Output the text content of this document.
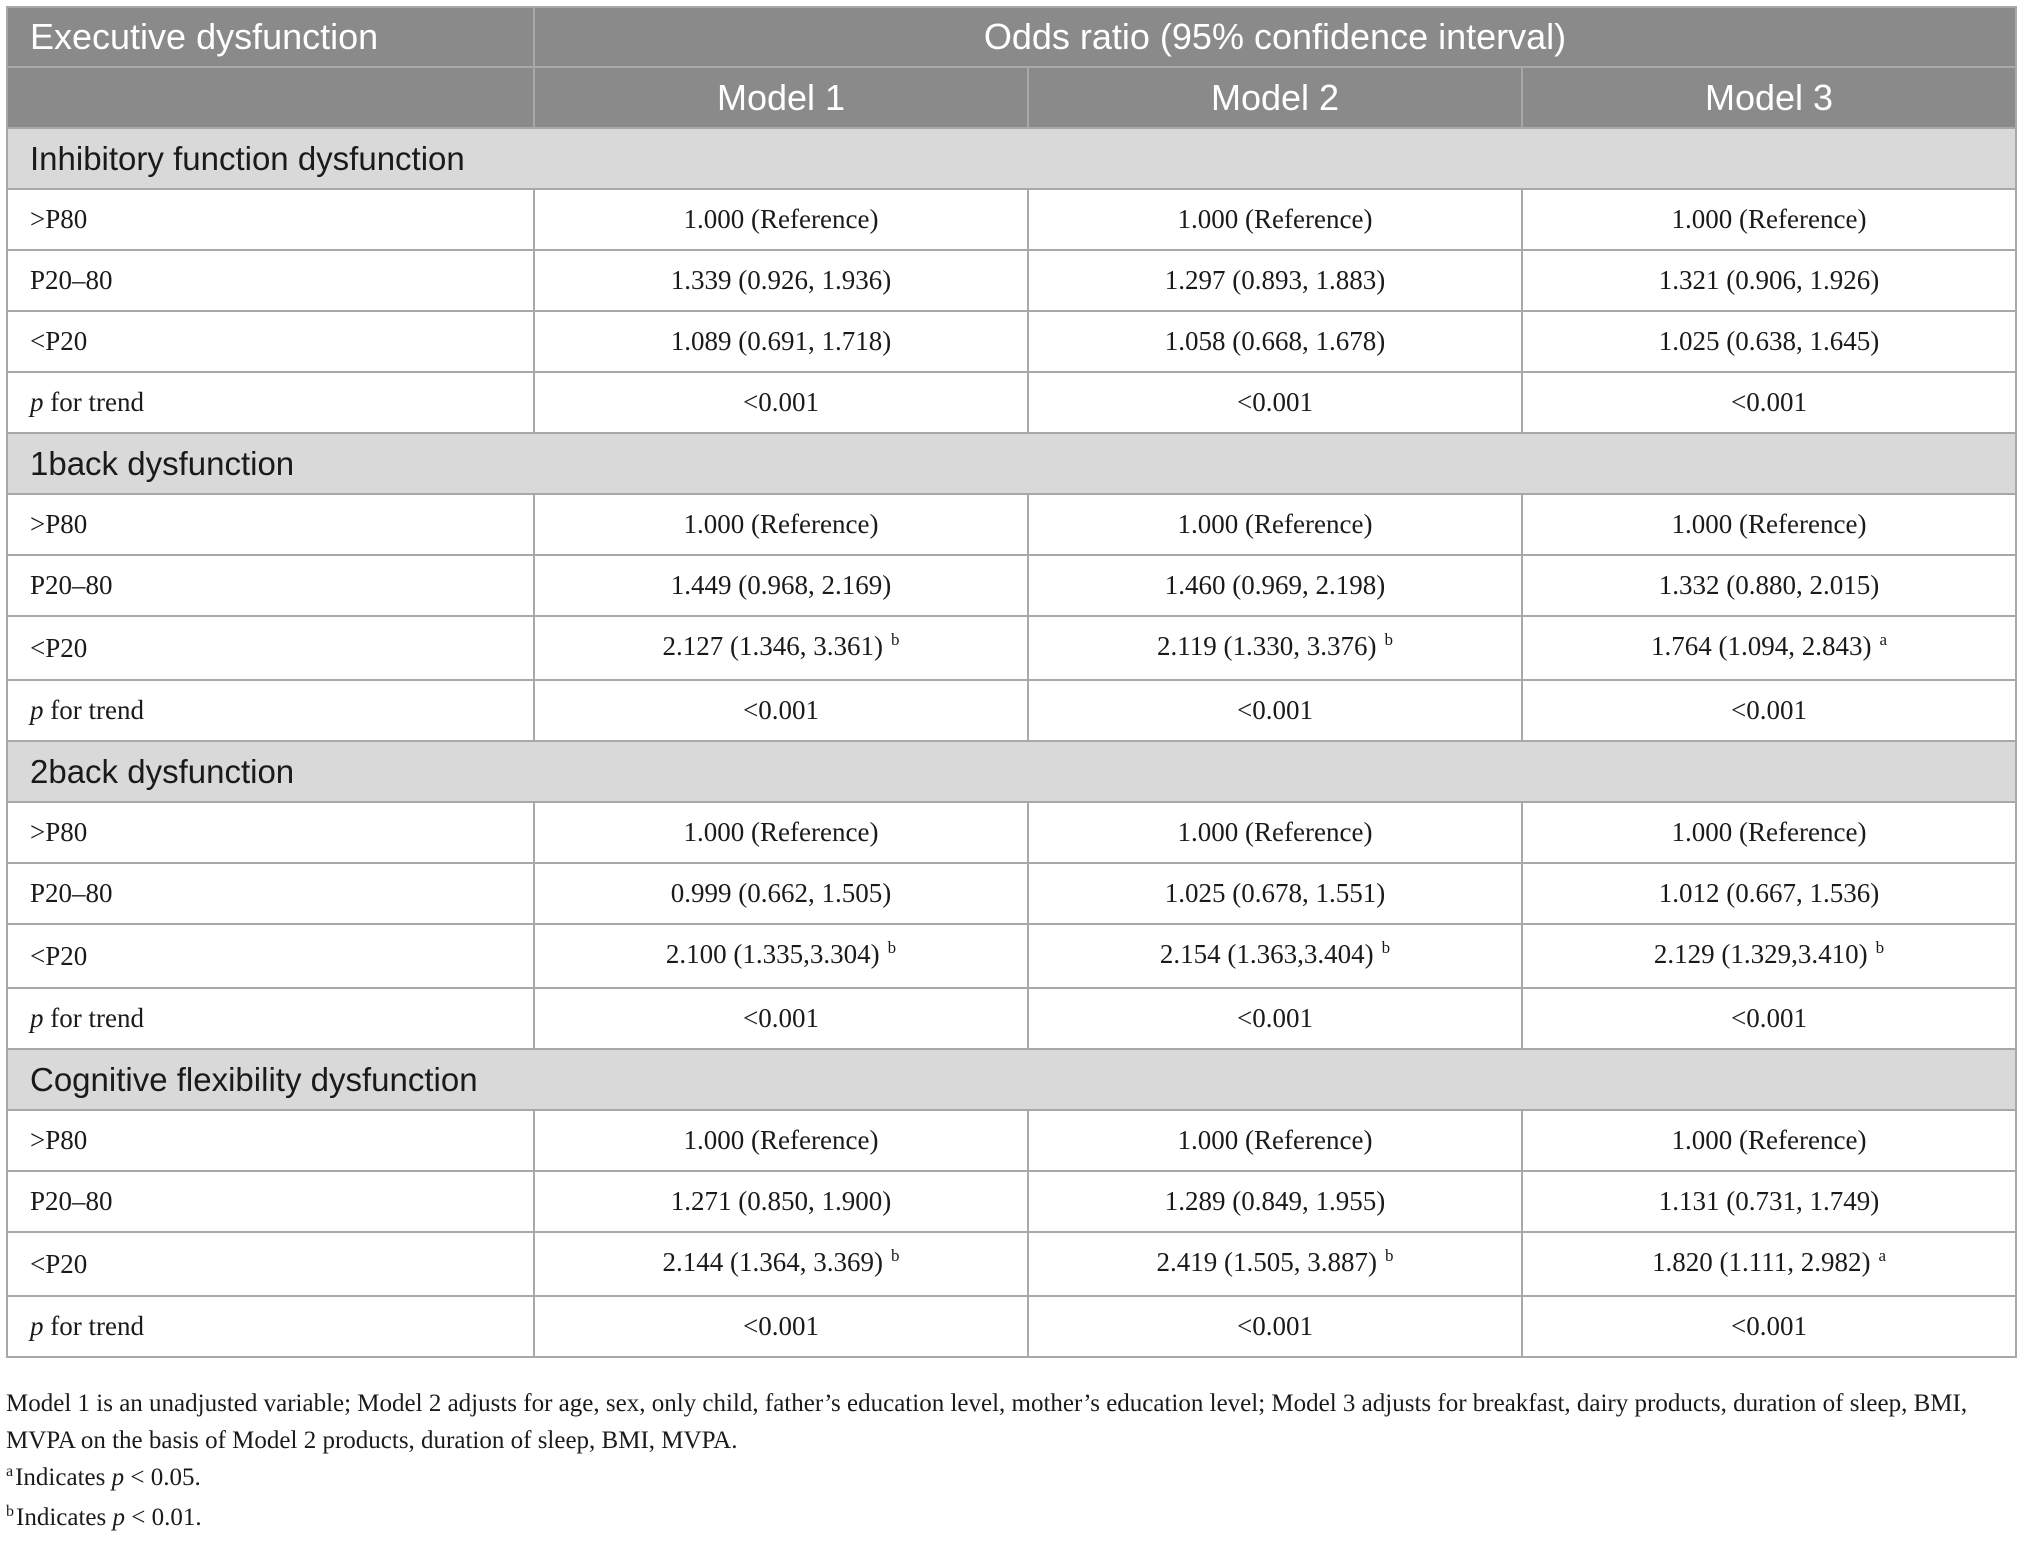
Executive dysfunction	Odds ratio (95% confidence interval)		
	Model 1	Model 2	Model 3
Inhibitory function dysfunction			
>P80	1.000 (Reference)	1.000 (Reference)	1.000 (Reference)
P20–80	1.339 (0.926, 1.936)	1.297 (0.893, 1.883)	1.321 (0.906, 1.926)
<P20	1.089 (0.691, 1.718)	1.058 (0.668, 1.678)	1.025 (0.638, 1.645)
p for trend	<0.001	<0.001	<0.001
1back dysfunction			
>P80	1.000 (Reference)	1.000 (Reference)	1.000 (Reference)
P20–80	1.449 (0.968, 2.169)	1.460 (0.969, 2.198)	1.332 (0.880, 2.015)
<P20	2.127 (1.346, 3.361) $^b$	2.119 (1.330, 3.376) $^b$	1.764 (1.094, 2.843) $^a$
p for trend	<0.001	<0.001	<0.001
2back dysfunction			
>P80	1.000 (Reference)	1.000 (Reference)	1.000 (Reference)
P20–80	0.999 (0.662, 1.505)	1.025 (0.678, 1.551)	1.012 (0.667, 1.536)
<P20	2.100 (1.335,3.304) $^b$	2.154 (1.363,3.404) $^b$	2.129 (1.329,3.410) $^b$
p for trend	<0.001	<0.001	<0.001
Cognitive flexibility dysfunction			
>P80	1.000 (Reference)	1.000 (Reference)	1.000 (Reference)
P20–80	1.271 (0.850, 1.900)	1.289 (0.849, 1.955)	1.131 (0.731, 1.749)
<P20	2.144 (1.364, 3.369) $^b$	2.419 (1.505, 3.887) $^b$	1.820 (1.111, 2.982) $^a$
p for trend	<0.001	<0.001	<0.001

Model 1 is an unadjusted variable; Model 2 adjusts for age, sex, only child, father’s education level, mother’s education level; Model 3 adjusts for breakfast, dairy products, duration of sleep, BMI, MVPA on the basis of Model 2 products, duration of sleep, BMI, MVPA.

$^a$Indicates p < 0.05.

$^b$Indicates p < 0.01.
